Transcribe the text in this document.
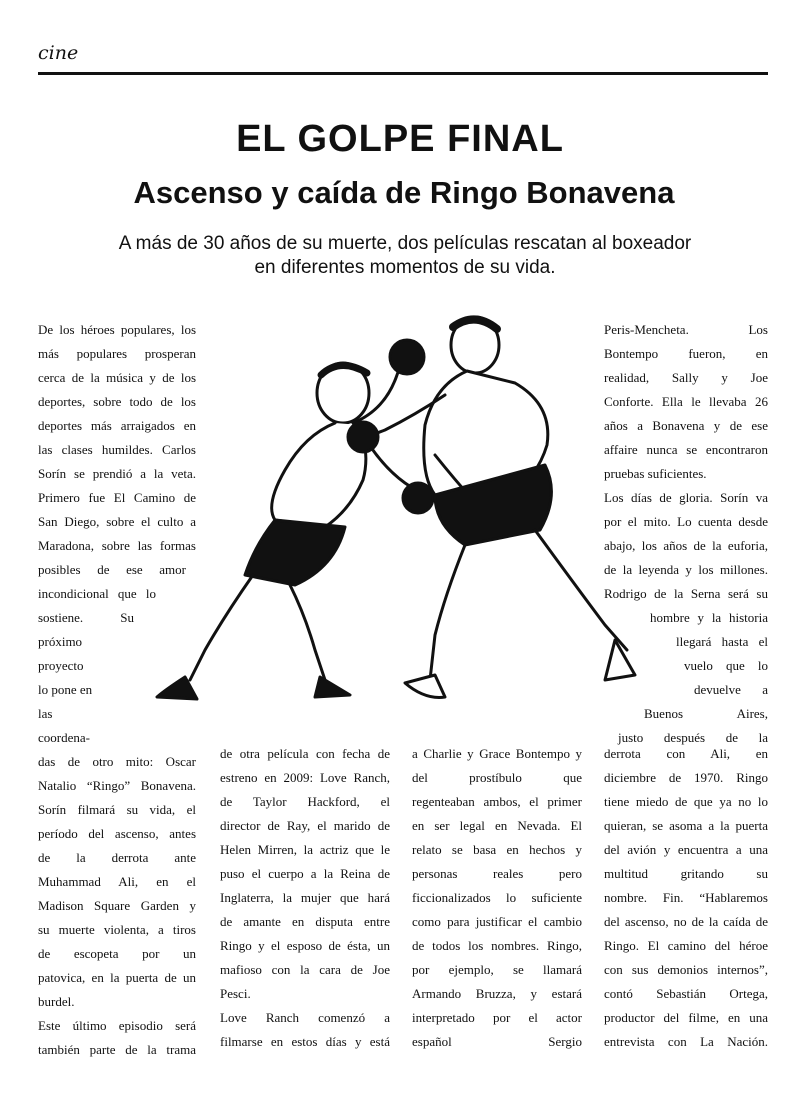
cine
EL GOLPE FINAL
Ascenso y caída de Ringo Bonavena

A más de 30 años de su muerte, dos películas rescatan al boxeador en diferentes momentos de su vida.

De los héroes populares, los
más populares prosperan
cerca de la música y de los
deportes, sobre todo de los
deportes más arraigados en
las clases humildes. Carlos
Sorín se prendió a la veta.
Primero fue El Camino de
San Diego, sobre el culto a
Maradona, sobre las formas
posibles de ese amor
incondicional que lo
sostiene. Su
próximo
proyecto
lo pone en
las
coordena-
das de otro mito: Oscar
Natalio “Ringo” Bonavena.
Sorín filmará su vida, el
período del ascenso, antes
de la derrota ante
Muhammad Ali, en el
Madison Square Garden y
su muerte violenta, a tiros
de escopeta por un
patovica, en la puerta de un
burdel.
Este último episodio será
también parte de la trama
de otra película con fecha de
estreno en 2009: Love Ranch,
de Taylor Hackford, el
director de Ray, el marido de
Helen Mirren, la actriz que le
puso el cuerpo a la Reina de
Inglaterra, la mujer que hará
de amante en disputa entre
Ringo y el esposo de ésta, un
mafioso con la cara de Joe
Pesci.
Love Ranch comenzó a
filmarse en estos días y está
a Charlie y Grace Bontempo y
del prostíbulo que
regenteaban ambos, el primer
en ser legal en Nevada. El
relato se basa en hechos y
personas reales pero
ficcionalizados lo suficiente
como para justificar el cambio
de todos los nombres. Ringo,
por ejemplo, se llamará
Armando Bruzza, y estará
interpretado por el actor
español Sergio
Peris-Mencheta. Los
Bontempo fueron, en
realidad, Sally y Joe
Conforte. Ella le llevaba 26
años a Bonavena y de ese
affaire nunca se encontraron
pruebas suficientes.
Los días de gloria. Sorín va
por el mito. Lo cuenta desde
abajo, los años de la euforia,
de la leyenda y los millones.
Rodrigo de la Serna será su
hombre y la historia
llegará hasta el
vuelo que lo
devuelve a
Buenos Aires,
justo después de la
derrota con Ali, en
diciembre de 1970. Ringo
tiene miedo de que ya no lo
quieran, se asoma a la puerta
del avión y encuentra a una
multitud gritando su
nombre. Fin. “Hablaremos
del ascenso, no de la caída de
Ringo. El camino del héroe
con sus demonios internos”,
contó Sebastián Ortega,
productor del filme, en una
entrevista con La Nación.
